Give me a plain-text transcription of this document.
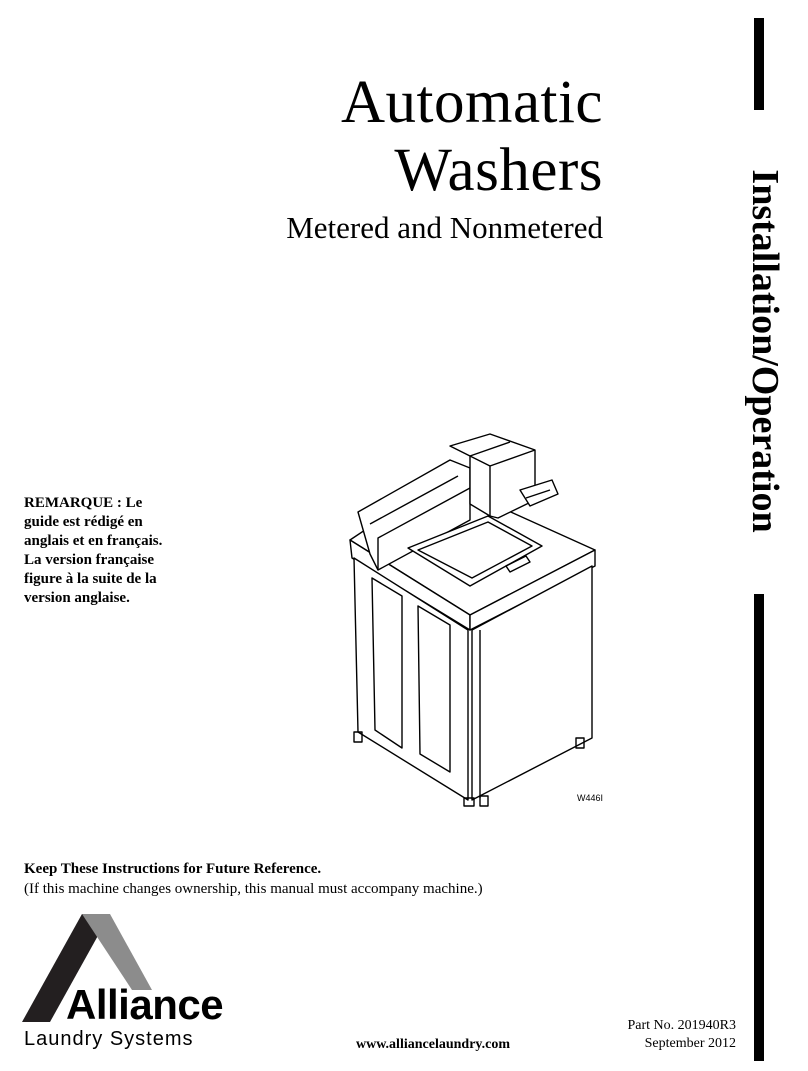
Automatic
Washers
Metered and Nonmetered	Installation/Operation
REMARQUE : Le
guide est rédigé en
anglais et en français.
La version française
figure à la suite de la
version anglaise.
W446I
Keep These Instructions for Future Reference.
(If this machine changes ownership, this manual must accompany machine.)
Alliance
Laundry Systems	www.alliancelaundry.com
Part No. 201940R3
September 2012
